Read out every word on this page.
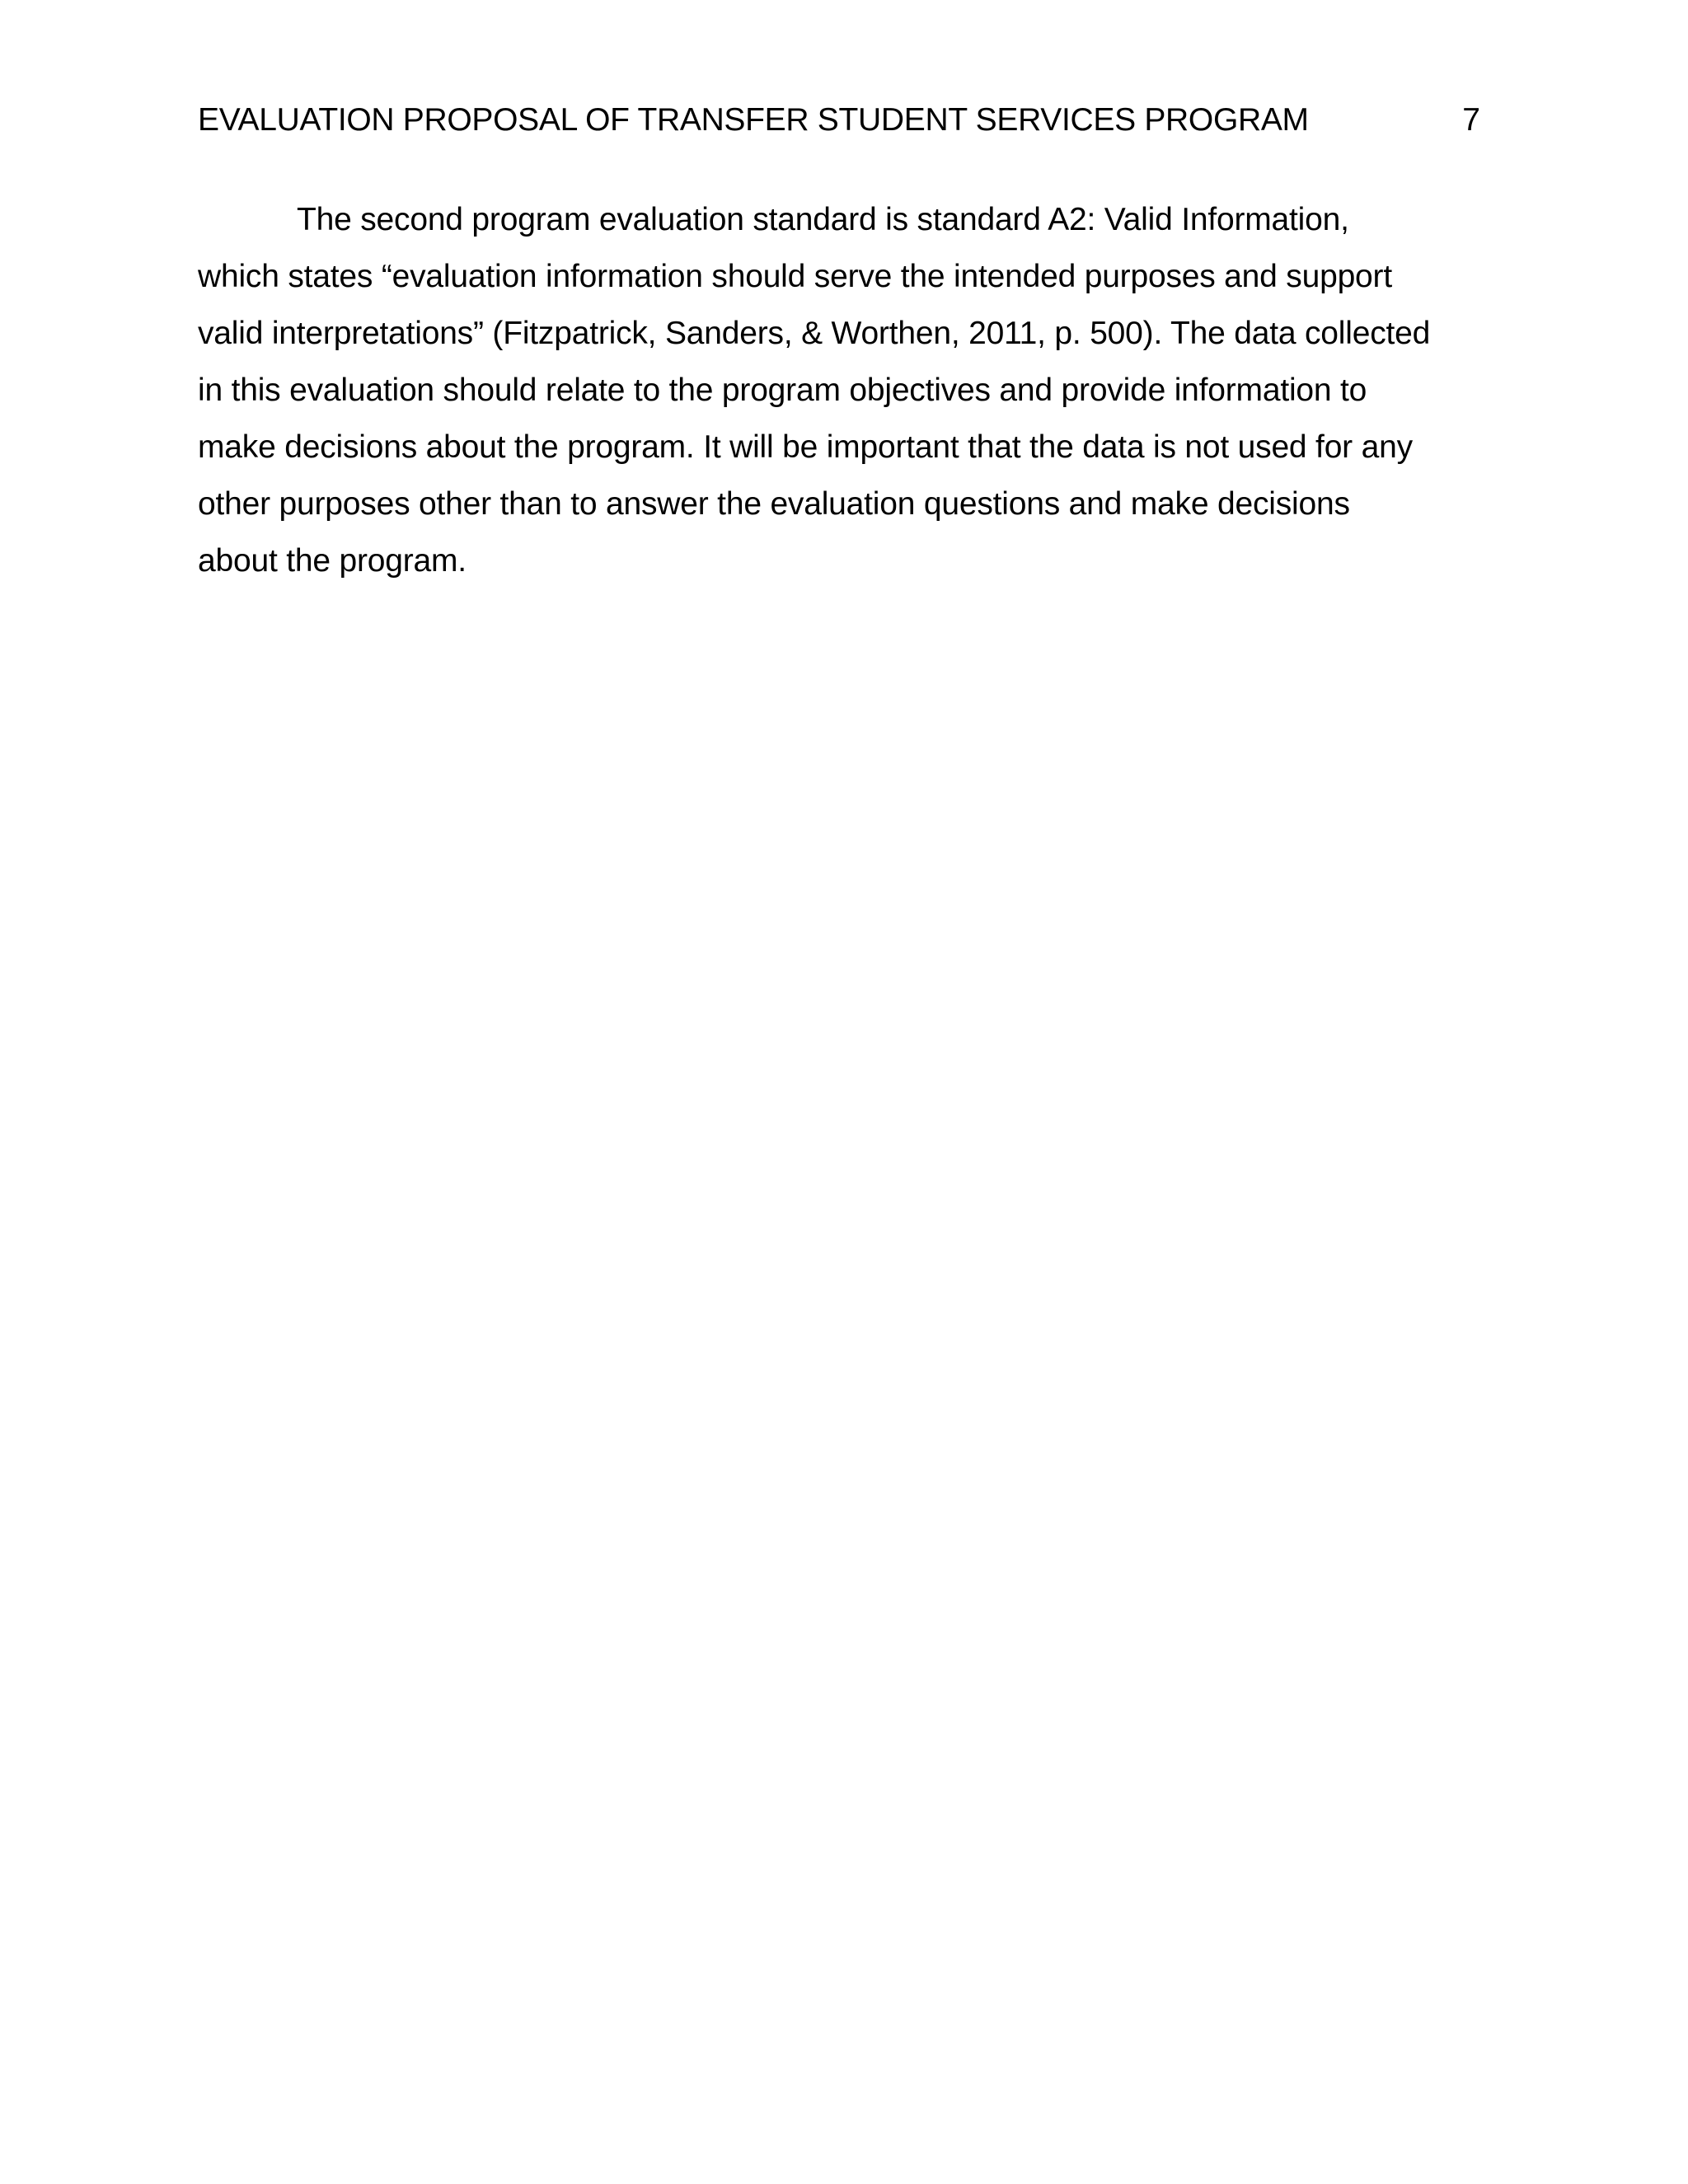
EVALUATION PROPOSAL OF TRANSFER STUDENT SERVICES PROGRAM	7

The second program evaluation standard is standard A2: Valid Information,
which states “evaluation information should serve the intended purposes and support
valid interpretations” (Fitzpatrick, Sanders, & Worthen, 2011, p. 500). The data collected
in this evaluation should relate to the program objectives and provide information to
make decisions about the program. It will be important that the data is not used for any
other purposes other than to answer the evaluation questions and make decisions
about the program.
